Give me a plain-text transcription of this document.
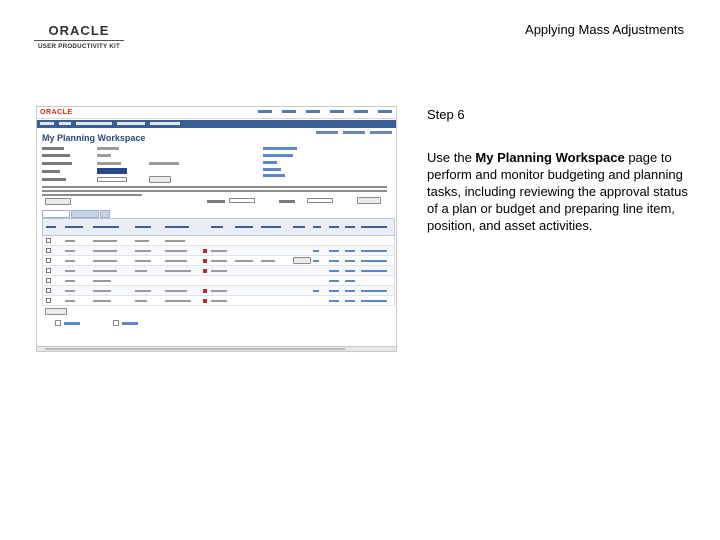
ORACLE
USER PRODUCTIVITY KIT
Applying Mass Adjustments
ORACLE
My Planning Workspace
Step 6
Use the My Planning Workspace page to perform and monitor budgeting and planning tasks, including reviewing the approval status of a plan or budget and preparing line item, position, and asset activities.
